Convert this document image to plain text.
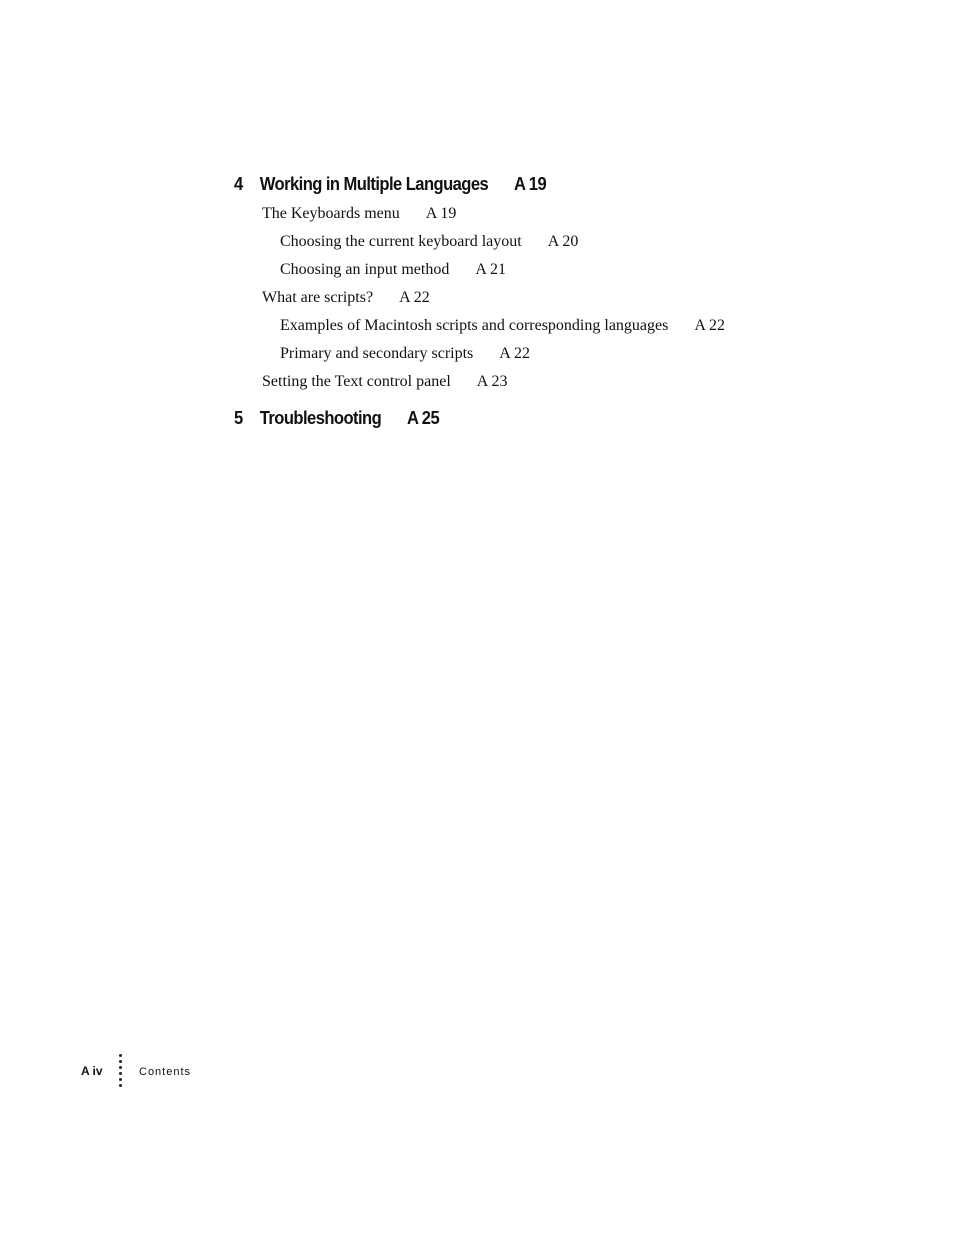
4 Working in Multiple Languages A 19
The Keyboards menu A 19
Choosing the current keyboard layout A 20
Choosing an input method A 21
What are scripts? A 22
Examples of Macintosh scripts and corresponding languages A 22
Primary and secondary scripts A 22
Setting the Text control panel A 23
5 Troubleshooting A 25
A iv	Contents
